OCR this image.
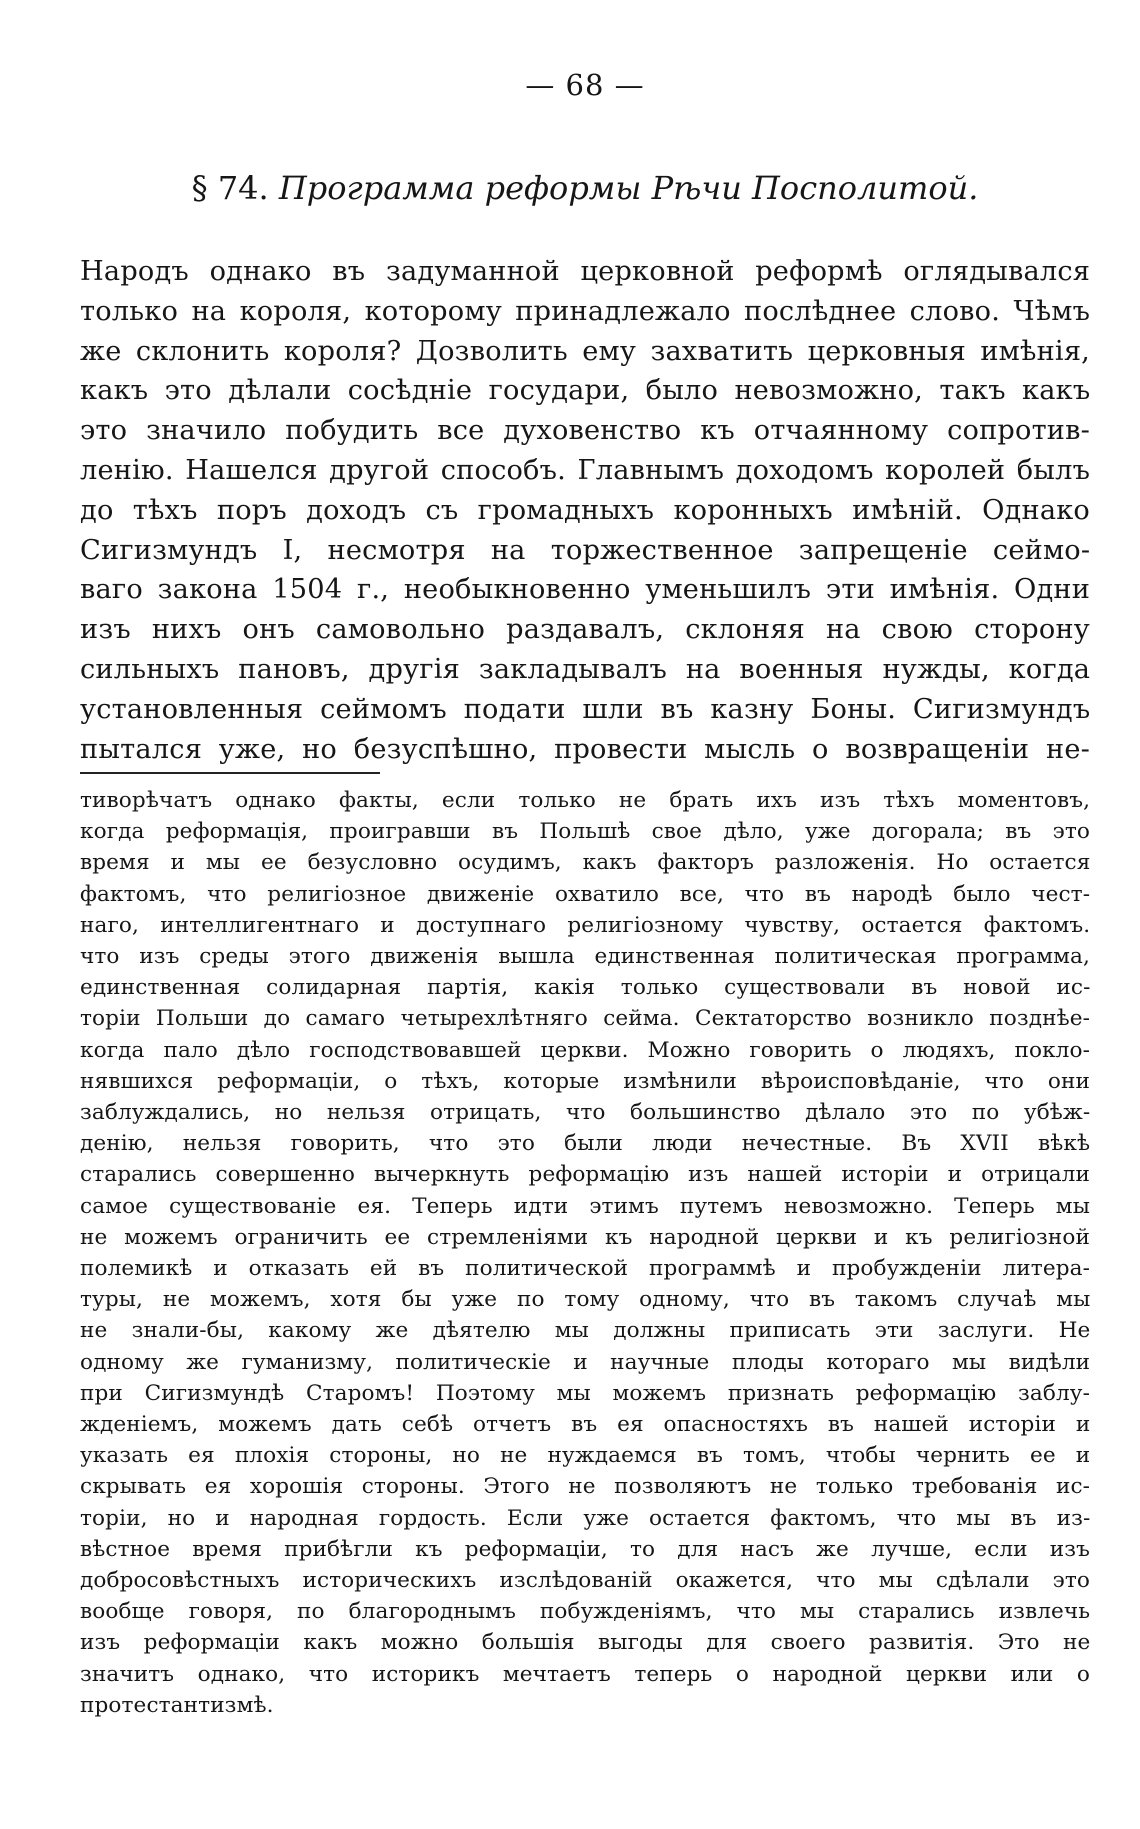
— 68 —
§ 74. Программа реформы Рѣчи Посполитой.
Народъ однако въ задуманной церковной реформѣ оглядывался
только на короля, которому принадлежало послѣднее слово. Чѣмъ
же склонить короля? Дозволить ему захватить церковныя имѣнія,
какъ это дѣлали сосѣдніе государи, было невозможно, такъ какъ
это значило побудить все духовенство къ отчаянному сопротив-
ленію. Нашелся другой способъ. Главнымъ доходомъ королей былъ
до тѣхъ поръ доходъ съ громадныхъ коронныхъ имѣній. Однако
Сигизмундъ I, несмотря на торжественное запрещеніе сеймо-
ваго закона 1504 г., необыкновенно уменьшилъ эти имѣнія. Одни
изъ нихъ онъ самовольно раздавалъ, склоняя на свою сторону
сильныхъ пановъ, другія закладывалъ на военныя нужды, когда
установленныя сеймомъ подати шли въ казну Боны. Сигизмундъ
пытался уже, но безуспѣшно, провести мысль о возвращеніи не-
тиворѣчатъ однако факты, если только не брать ихъ изъ тѣхъ моментовъ,
когда реформація, проигравши въ Польшѣ свое дѣло, уже догорала; въ это
время и мы ее безусловно осудимъ, какъ факторъ разложенія. Но остается
фактомъ, что религіозное движеніе охватило все, что въ народѣ было чест-
наго, интеллигентнаго и доступнаго религіозному чувству, остается фактомъ.
что изъ среды этого движенія вышла единственная политическая программа,
единственная солидарная партія, какія только существовали въ новой ис-
торіи Польши до самаго четырехлѣтняго сейма. Сектаторство возникло позднѣе-
когда пало дѣло господствовавшей церкви. Можно говорить о людяхъ, покло-
нявшихся реформаціи, о тѣхъ, которые измѣнили вѣроисповѣданіе, что они
заблуждались, но нельзя отрицать, что большинство дѣлало это по убѣж-
денію, нельзя говорить, что это были люди нечестные. Въ XVII вѣкѣ
старались совершенно вычеркнуть реформацію изъ нашей исторіи и отрицали
самое существованіе ея. Теперь идти этимъ путемъ невозможно. Теперь мы
не можемъ ограничить ее стремленіями къ народной церкви и къ религіозной
полемикѣ и отказать ей въ политической программѣ и пробужденіи литера-
туры, не можемъ, хотя бы уже по тому одному, что въ такомъ случаѣ мы
не знали-бы, какому же дѣятелю мы должны приписать эти заслуги. Не
одному же гуманизму, политическіе и научные плоды котораго мы видѣли
при Сигизмундѣ Старомъ! Поэтому мы можемъ признать реформацію заблу-
жденіемъ, можемъ дать себѣ отчетъ въ ея опасностяхъ въ нашей исторіи и
указать ея плохія стороны, но не нуждаемся въ томъ, чтобы чернить ее и
скрывать ея хорошія стороны. Этого не позволяютъ не только требованія ис-
торіи, но и народная гордость. Если уже остается фактомъ, что мы въ из-
вѣстное время прибѣгли къ реформаціи, то для насъ же лучше, если изъ
добросовѣстныхъ историческихъ изслѣдованій окажется, что мы сдѣлали это
вообще говоря, по благороднымъ побужденіямъ, что мы старались извлечь
изъ реформаціи какъ можно большія выгоды для своего развитія. Это не
значитъ однако, что историкъ мечтаетъ теперь о народной церкви или о
протестантизмѣ.
